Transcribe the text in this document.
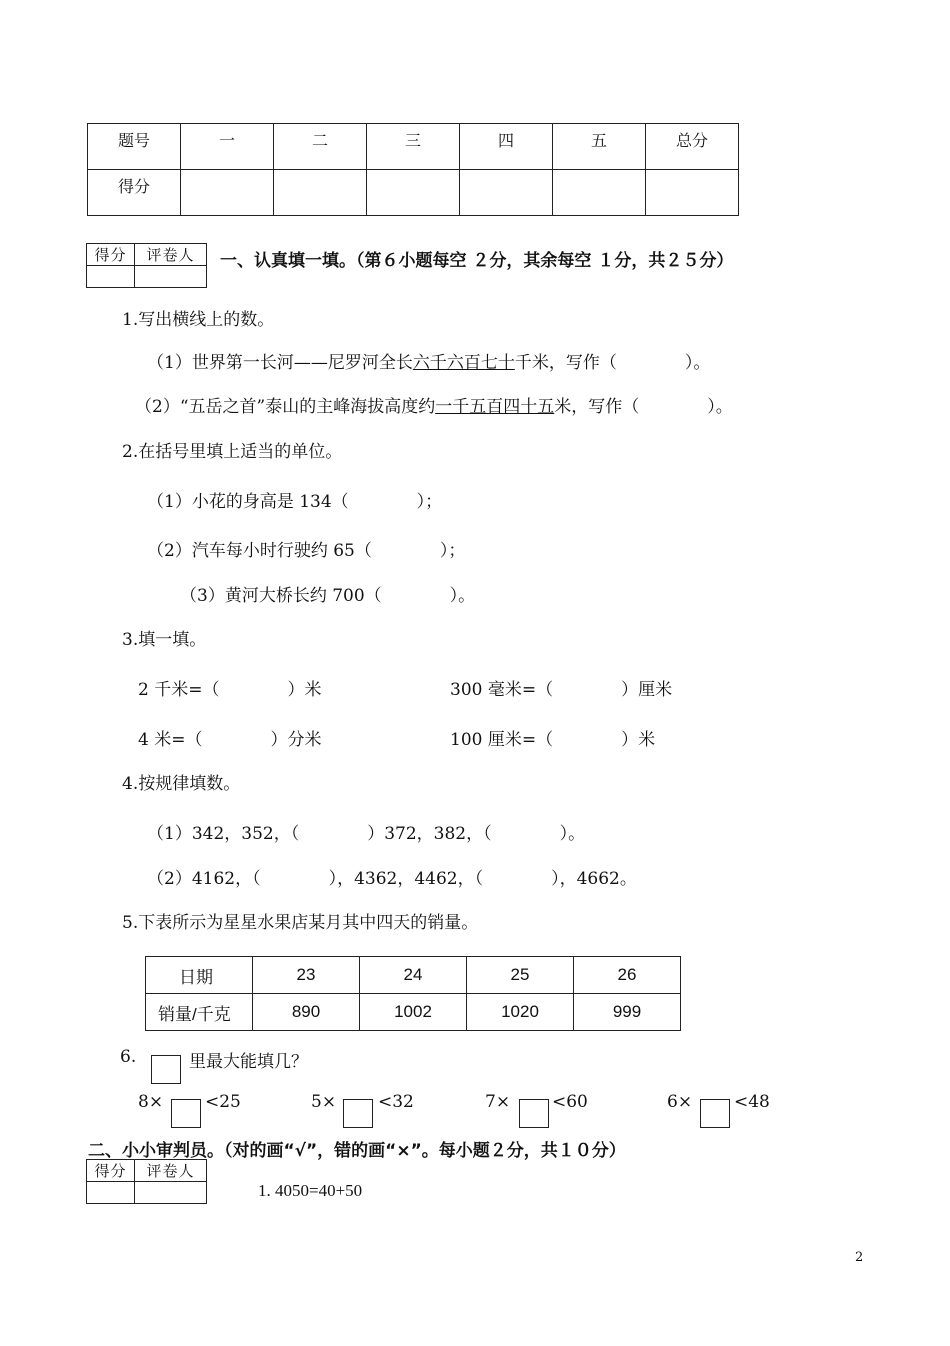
题号	一	二	三	四	五	总分
得分						
得分	评卷人
	一、认真填一填。（第６小题每空 ２分，其余每空 １分，共２５分）
1.写出横线上的数。
（1）世界第一长河——尼罗河全长六千六百七十千米，写作（　　　　）。
（2）“五岳之首”泰山的主峰海拔高度约一千五百四十五米，写作（　　　　）。
2.在括号里填上适当的单位。
（1）小花的身高是 134（　　　　）；
（2）汽车每小时行驶约 65（　　　　）；
（3）黄河大桥长约 700（　　　　）。
3.填一填。
2 千米=（　　　　）米	300 毫米=（　　　　）厘米
4 米=（　　　　）分米	100 厘米=（　　　　）米
4.按规律填数。
（1）342，352，（　　　　）372，382，（　　　　）。
（2）4162，（　　　　），4362，4462，（　　　　），4662。
5.下表所示为星星水果店某月其中四天的销量。
日期	23	24	25	26
销量/千克	890	1002	1020	999
6.	里最大能填几？
8× <25	5× <32	7× <60	6× <48
二、小小审判员。（对的画“√”，错的画“×”。每小题２分，共１０分）
得分	评卷人

1. 4050=40+50
2
